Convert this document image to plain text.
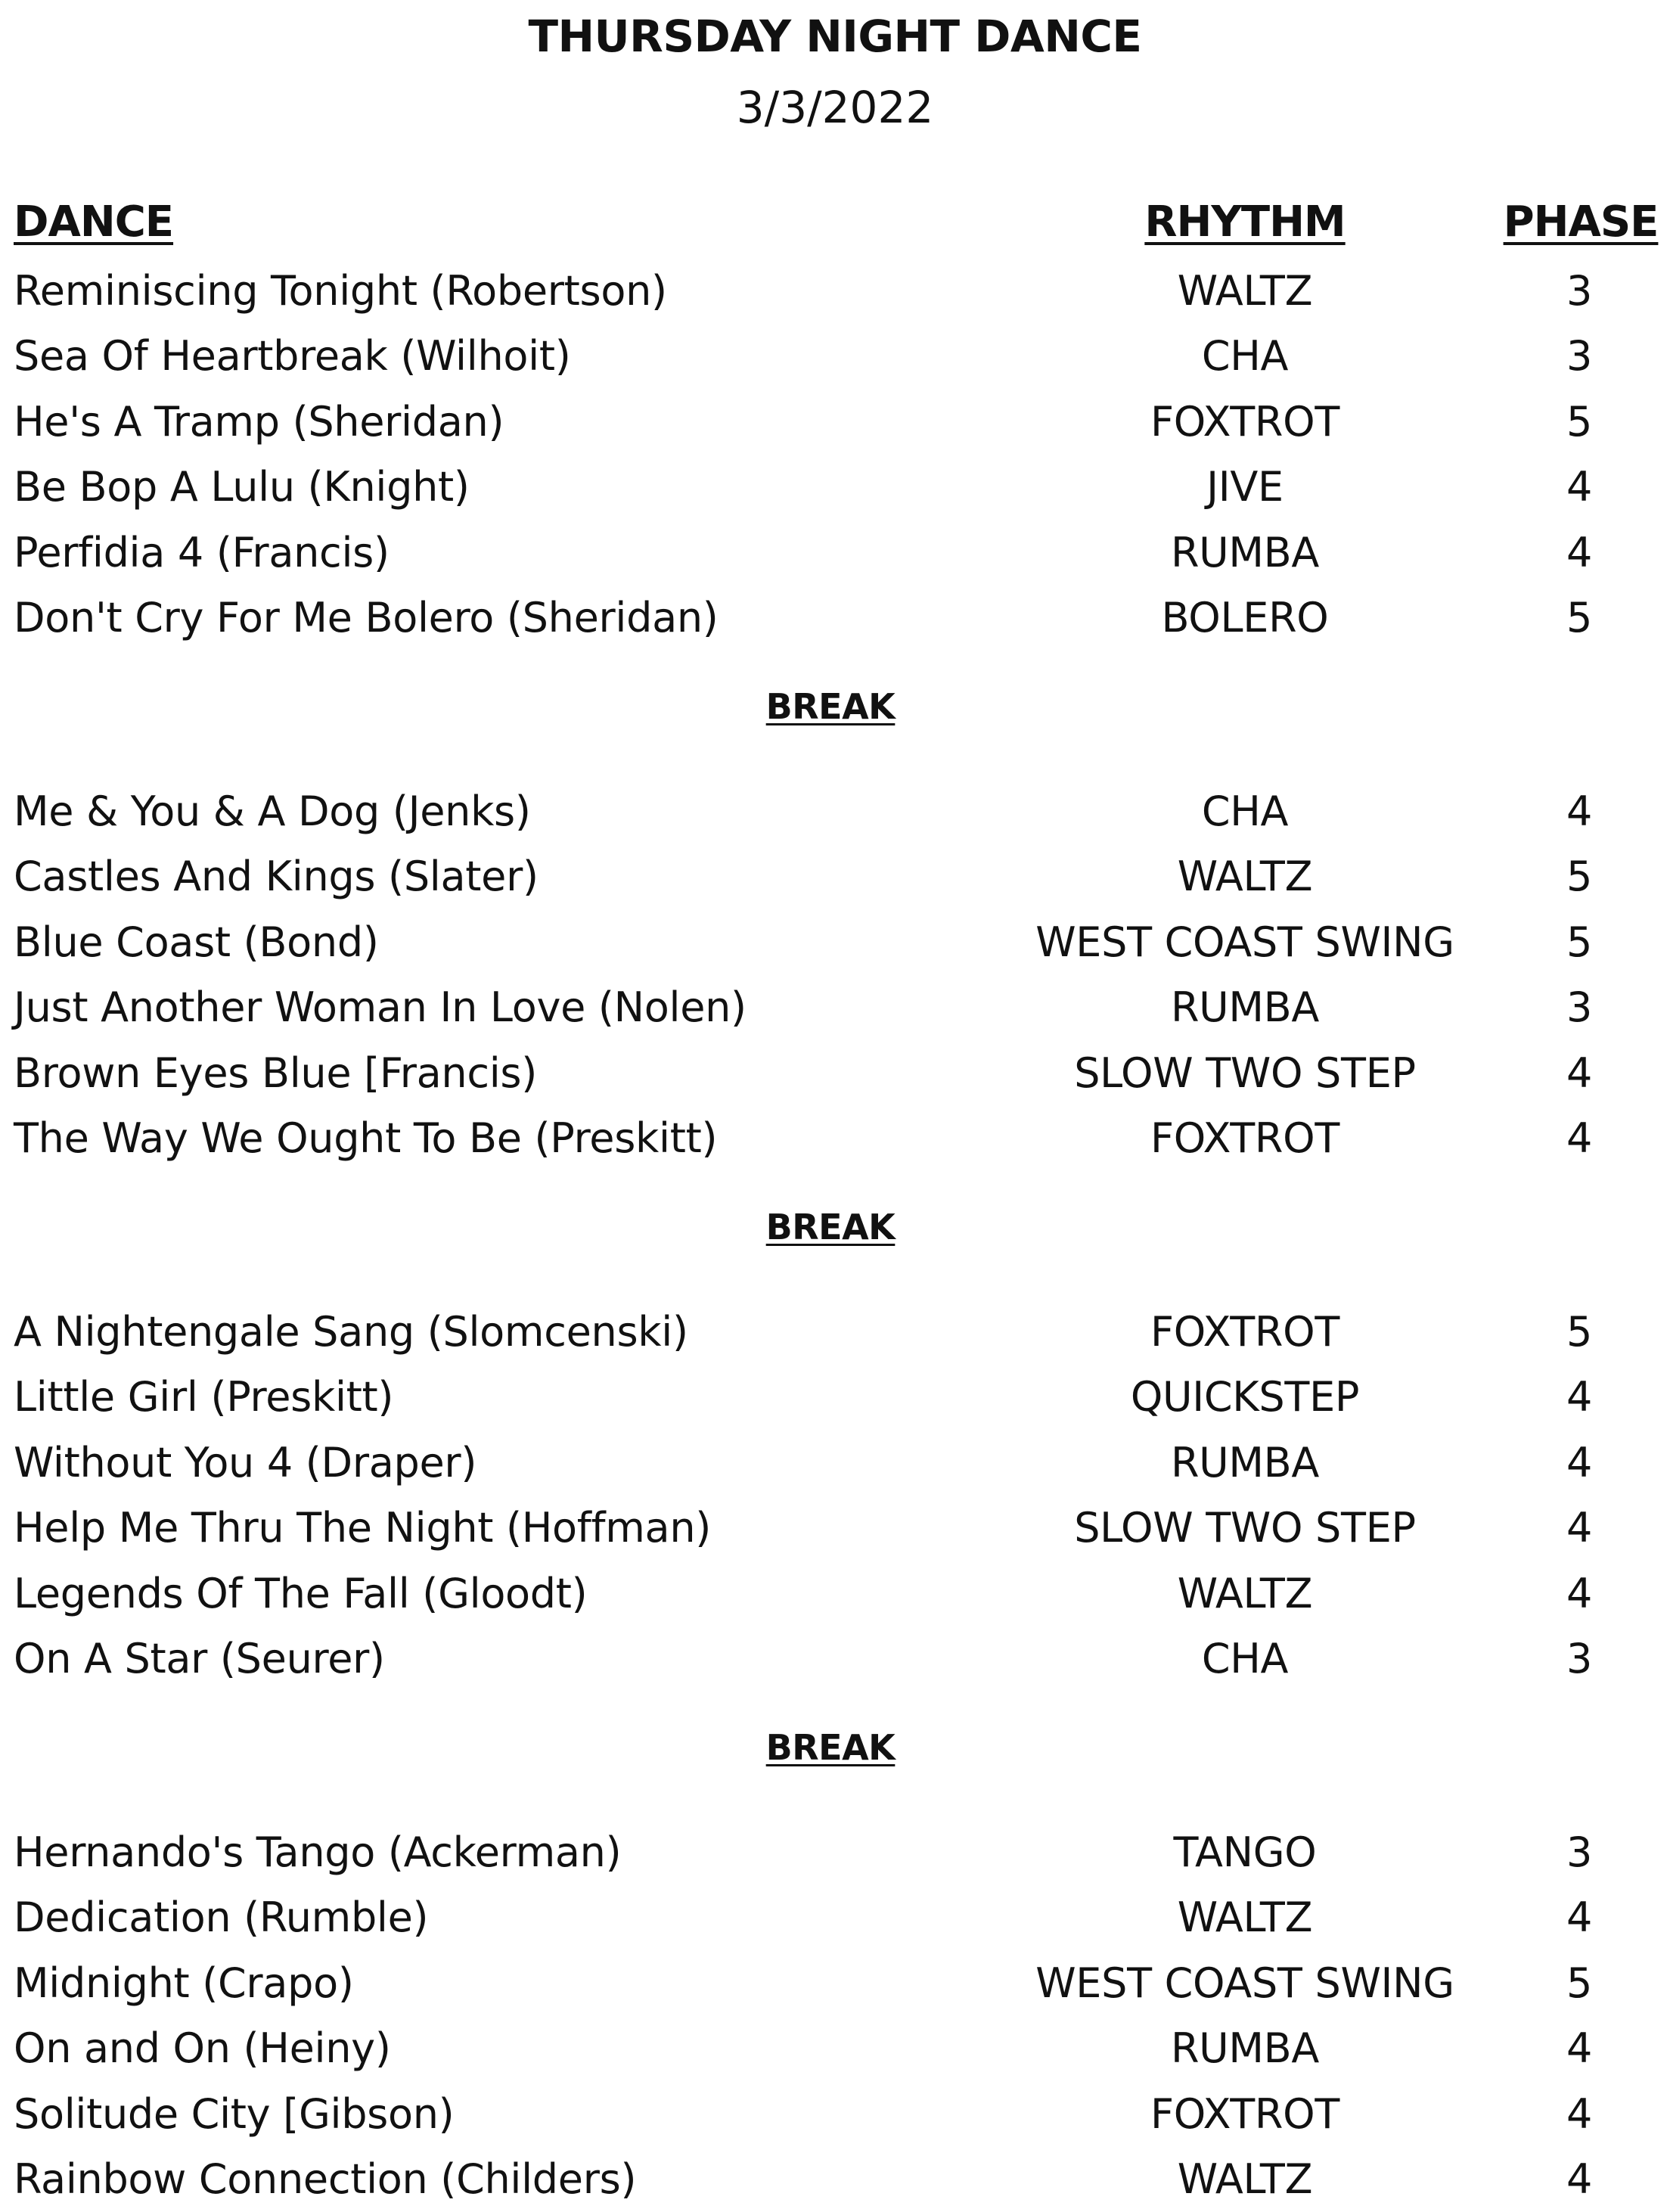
THURSDAY NIGHT DANCE
3/3/2022
DANCE	RHYTHM	PHASE
Reminiscing Tonight (Robertson)	WALTZ	3
Sea Of Heartbreak (Wilhoit)	CHA	3
He's A Tramp (Sheridan)	FOXTROT	5
Be Bop A Lulu (Knight)	JIVE	4
Perfidia 4 (Francis)	RUMBA	4
Don't Cry For Me Bolero (Sheridan)	BOLERO	5
BREAK
Me & You & A Dog (Jenks)	CHA	4
Castles And Kings (Slater)	WALTZ	5
Blue Coast (Bond)	WEST COAST SWING	5
Just Another Woman In Love (Nolen)	RUMBA	3
Brown Eyes Blue [Francis)	SLOW TWO STEP	4
The Way We Ought To Be (Preskitt)	FOXTROT	4
BREAK
A Nightengale Sang (Slomcenski)	FOXTROT	5
Little Girl (Preskitt)	QUICKSTEP	4
Without You 4 (Draper)	RUMBA	4
Help Me Thru The Night (Hoffman)	SLOW TWO STEP	4
Legends Of The Fall (Gloodt)	WALTZ	4
On A Star (Seurer)	CHA	3
BREAK
Hernando's Tango (Ackerman)	TANGO	3
Dedication (Rumble)	WALTZ	4
Midnight (Crapo)	WEST COAST SWING	5
On and On (Heiny)	RUMBA	4
Solitude City [Gibson)	FOXTROT	4
Rainbow Connection (Childers)	WALTZ	4
